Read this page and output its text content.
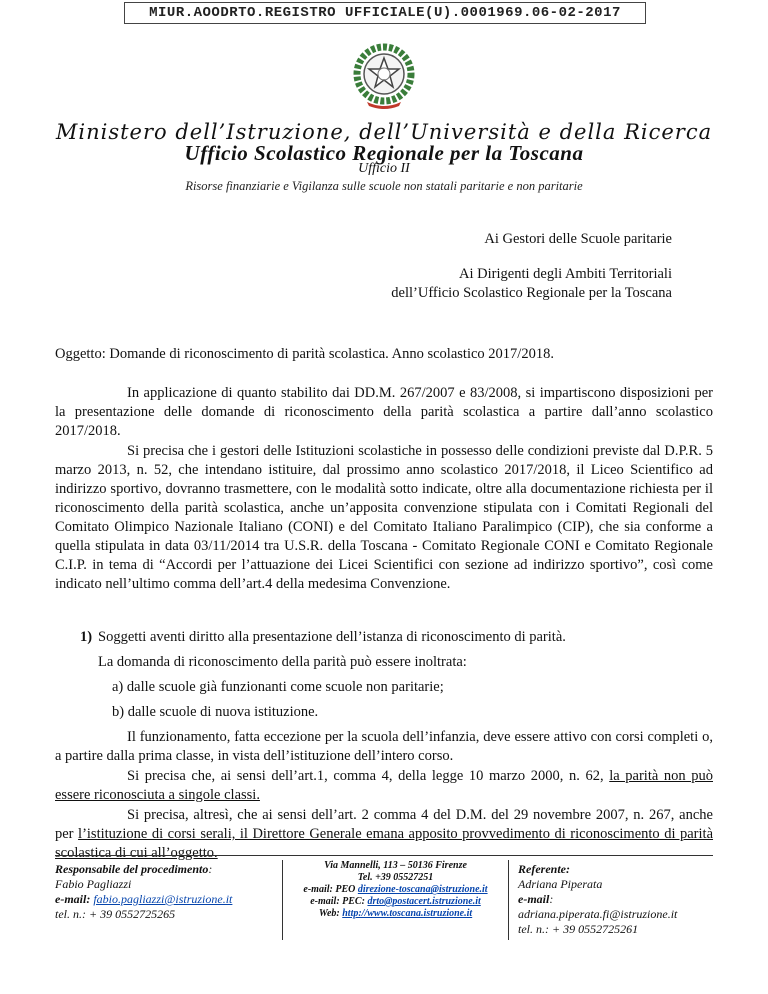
MIUR.AOODRTO.REGISTRO UFFICIALE(U).0001969.06-02-2017
Ministero dell’Istruzione, dell’Università e della Ricerca
Ufficio Scolastico Regionale per la Toscana
Ufficio II
Risorse finanziarie e Vigilanza sulle scuole non statali paritarie e non paritarie
Ai Gestori delle Scuole paritarie
Ai Dirigenti degli Ambiti Territoriali
dell’Ufficio Scolastico Regionale per la Toscana
Oggetto: Domande di riconoscimento di parità scolastica. Anno scolastico 2017/2018.
In applicazione di quanto stabilito dai DD.M. 267/2007 e 83/2008, si impartiscono disposizioni per la presentazione delle domande di riconoscimento della parità scolastica a partire dall’anno scolastico 2017/2018.
Si precisa che i gestori delle Istituzioni scolastiche in possesso delle condizioni previste dal D.P.R. 5 marzo 2013, n. 52, che intendano istituire, dal prossimo anno scolastico 2017/2018, il Liceo Scientifico ad indirizzo sportivo, dovranno trasmettere, con le modalità sotto indicate, oltre alla documentazione richiesta per il riconoscimento della parità scolastica, anche un’apposita convenzione stipulata con i Comitati Regionali del Comitato Olimpico Nazionale Italiano (CONI) e del Comitato Italiano Paralimpico (CIP), che sia conforme a quella stipulata in data 03/11/2014 tra U.S.R. della Toscana - Comitato Regionale CONI e Comitato Regionale C.I.P. in tema di “Accordi per l’attuazione dei Licei Scientifici con sezione ad indirizzo sportivo”, così come indicato nell’ultimo comma dell’art.4 della medesima Convenzione.
1) Soggetti aventi diritto alla presentazione dell’istanza di riconoscimento di parità.
La domanda di riconoscimento della parità può essere inoltrata:
a) dalle scuole già funzionanti come scuole non paritarie;
b) dalle scuole di nuova istituzione.
Il funzionamento, fatta eccezione per la scuola dell’infanzia, deve essere attivo con corsi completi o, a partire dalla prima classe, in vista dell’istituzione dell’intero corso.
Si precisa che, ai sensi dell’art.1, comma 4, della legge 10 marzo 2000, n. 62, la parità non può essere riconosciuta a singole classi.
Si precisa, altresì, che ai sensi dell’art. 2 comma 4 del D.M. del 29 novembre 2007, n. 267, anche per l’istituzione di corsi serali, il Direttore Generale emana apposito provvedimento di riconoscimento di parità scolastica di cui all’oggetto.
Responsabile del procedimento:
Fabio Pagliazzi
e-mail: fabio.pagliazzi@istruzione.it
tel. n.: + 39 0552725265
Via Mannelli, 113 – 50136 Firenze
Tel. +39 05527251
e-mail: PEO direzione-toscana@istruzione.it
e-mail: PEC: drto@postacert.istruzione.it
Web: http://www.toscana.istruzione.it
Referente:
Adriana Piperata
e-mail:
adriana.piperata.fi@istruzione.it
tel. n.: + 39 0552725261
